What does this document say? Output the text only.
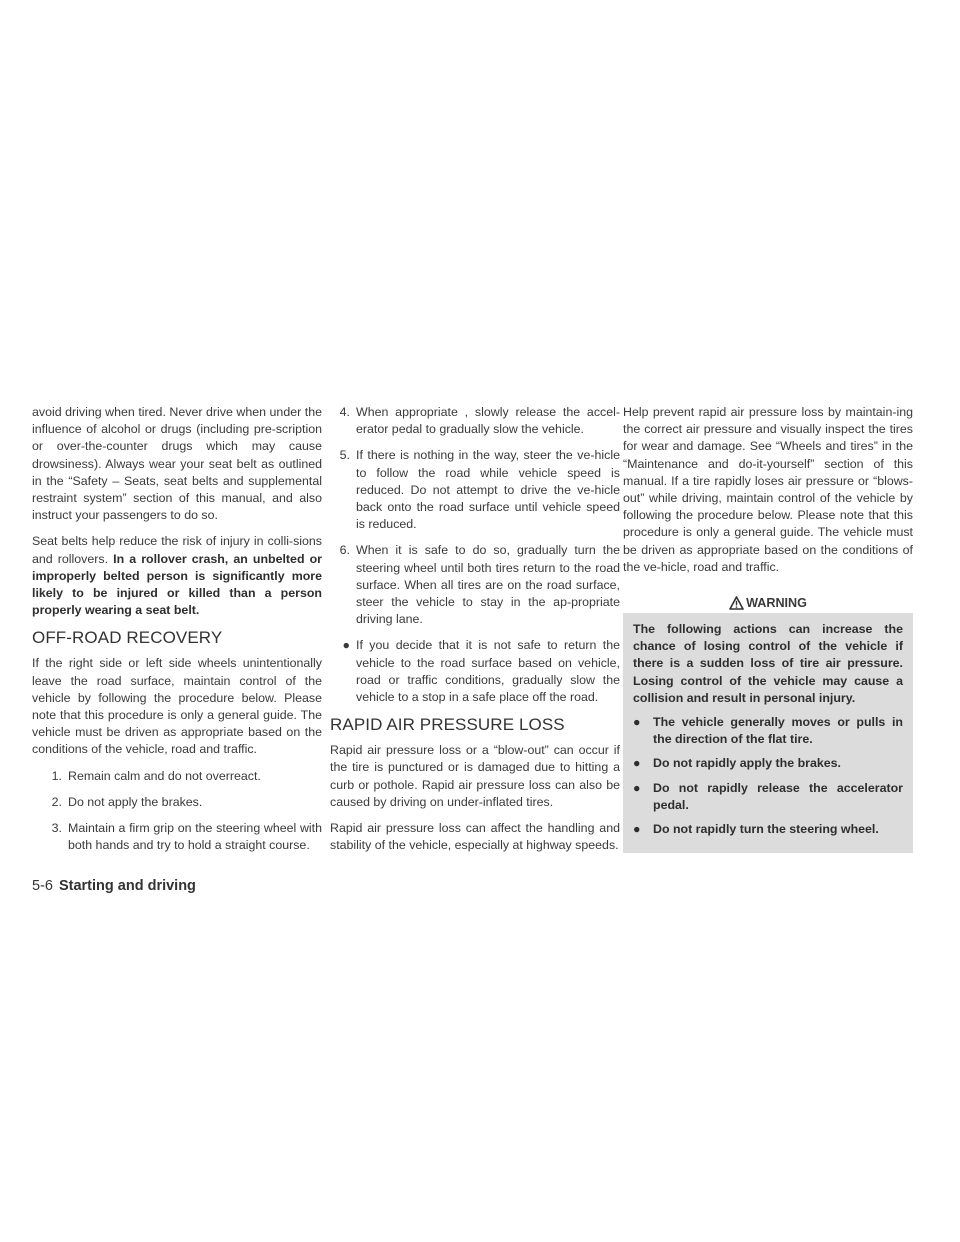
avoid driving when tired. Never drive when under the influence of alcohol or drugs (including pre-scription or over-the-counter drugs which may cause drowsiness). Always wear your seat belt as outlined in the “Safety – Seats, seat belts and supplemental restraint system” section of this manual, and also instruct your passengers to do so.

Seat belts help reduce the risk of injury in colli-sions and rollovers. In a rollover crash, an unbelted or improperly belted person is significantly more likely to be injured or killed than a person properly wearing a seat belt.

OFF-ROAD RECOVERY

If the right side or left side wheels unintentionally leave the road surface, maintain control of the vehicle by following the procedure below. Please note that this procedure is only a general guide. The vehicle must be driven as appropriate based on the conditions of the vehicle, road and traffic.

1. Remain calm and do not overreact.
2. Do not apply the brakes.
3. Maintain a firm grip on the steering wheel with both hands and try to hold a straight course.
4. When appropriate , slowly release the accel-erator pedal to gradually slow the vehicle.
5. If there is nothing in the way, steer the ve-hicle to follow the road while vehicle speed is reduced. Do not attempt to drive the ve-hicle back onto the road surface until vehicle speed is reduced.
6. When it is safe to do so, gradually turn the steering wheel until both tires return to the road surface. When all tires are on the road surface, steer the vehicle to stay in the ap-propriate driving lane.
● If you decide that it is not safe to return the vehicle to the road surface based on vehicle, road or traffic conditions, gradually slow the vehicle to a stop in a safe place off the road.
RAPID AIR PRESSURE LOSS

Rapid air pressure loss or a “blow-out” can occur if the tire is punctured or is damaged due to hitting a curb or pothole. Rapid air pressure loss can also be caused by driving on under-inflated tires.

Rapid air pressure loss can affect the handling and stability of the vehicle, especially at highway speeds.

Help prevent rapid air pressure loss by maintain-ing the correct air pressure and visually inspect the tires for wear and damage. See “Wheels and tires” in the “Maintenance and do-it-yourself” section of this manual. If a tire rapidly loses air pressure or “blows-out” while driving, maintain control of the vehicle by following the procedure below. Please note that this procedure is only a general guide. The vehicle must be driven as appropriate based on the conditions of the ve-hicle, road and traffic.

WARNING

The following actions can increase the chance of losing control of the vehicle if there is a sudden loss of tire air pressure. Losing control of the vehicle may cause a collision and result in personal injury.

●	The vehicle generally moves or pulls in the direction of the flat tire.
●	Do not rapidly apply the brakes.
●	Do not rapidly release the accelerator pedal.
●	Do not rapidly turn the steering wheel.
5-6 Starting and driving
